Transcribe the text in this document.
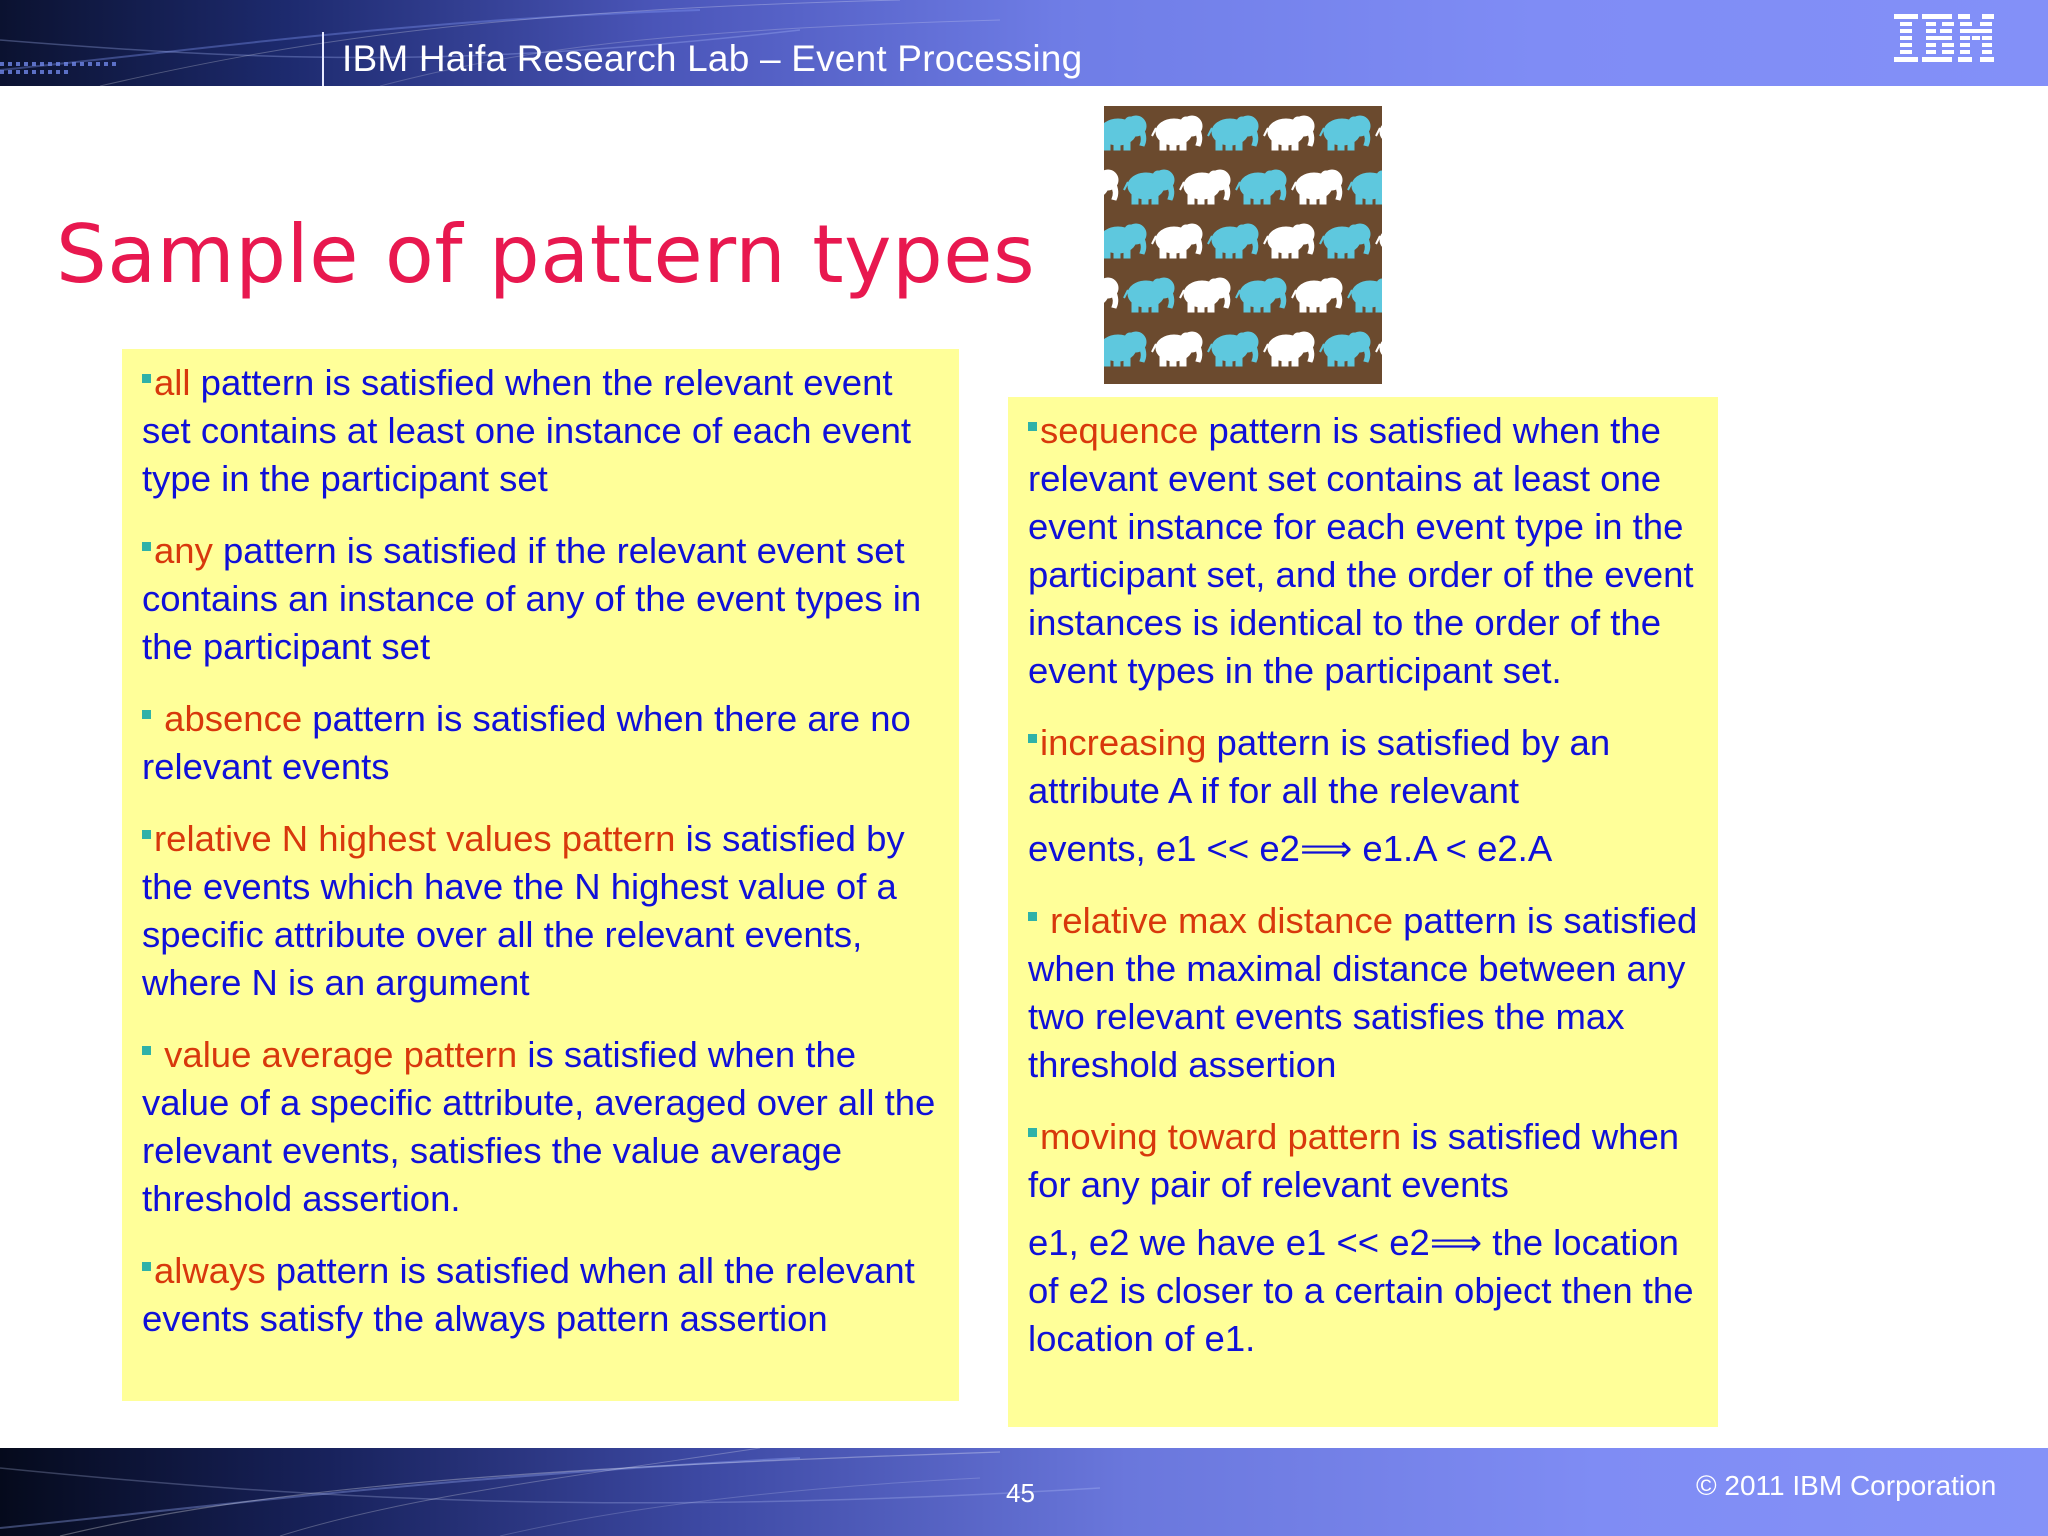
IBM Haifa Research Lab – Event Processing
Sample of pattern types

all pattern is satisfied when the relevant event set contains at least one instance of each event type in the participant set

any pattern is satisfied if the relevant event set contains an instance of any of the event types in the participant set

absence pattern is satisfied when there are no relevant events

relative N highest values pattern is satisfied by the events which have the N highest value of a specific attribute over all the relevant events, where N is an argument

value average pattern is satisfied when the value of a specific attribute, averaged over all the relevant events, satisfies the value average threshold assertion.

always pattern is satisfied when all the relevant events satisfy the always pattern assertion

sequence pattern is satisfied when the relevant event set contains at least one event instance for each event type in the participant set, and the order of the event instances is identical to the order of the event types in the participant set.

increasing pattern is satisfied by an attribute A if for all the relevant
events, e1 << e2⟹ e1.A < e2.A

relative max distance pattern is satisfied when the maximal distance between any two relevant events satisfies the max threshold assertion

moving toward pattern is satisfied when for any pair of relevant events
e1, e2 we have e1 << e2⟹ the location of e2 is closer to a certain object then the location of e1.

45	© 2011 IBM Corporation
